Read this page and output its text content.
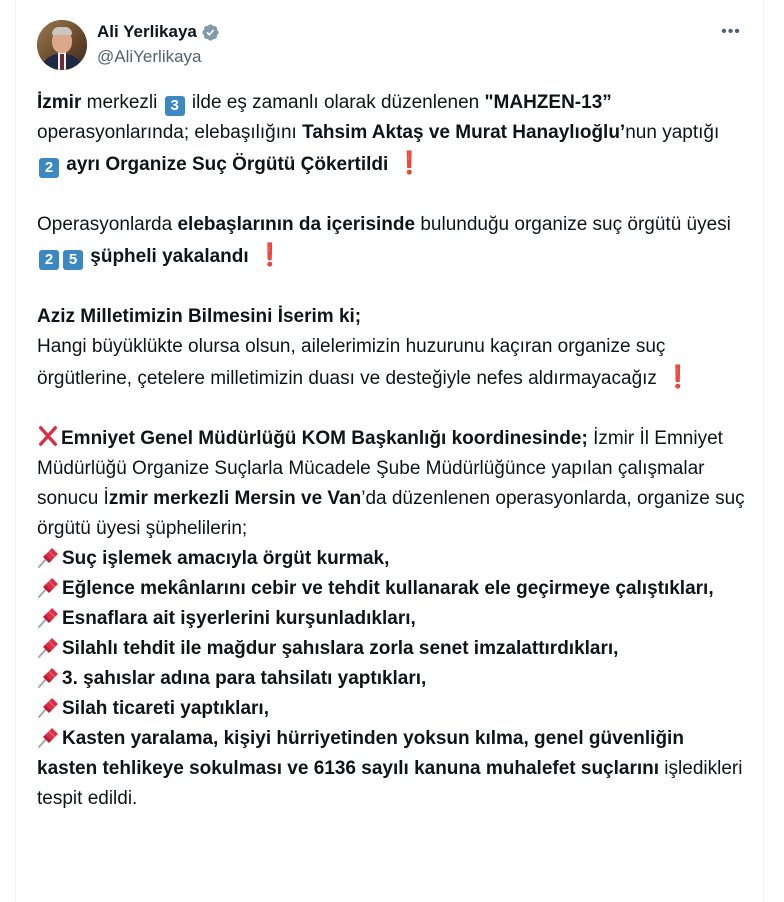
Ali Yerlikaya
@AliYerlikaya
•••

İzmir merkezli 3 ilde eş zamanlı olarak düzenlenen "MAHZEN-13” operasyonlarında; elebaşılığını Tahsim Aktaş ve Murat Hanaylıoğlu’nun yaptığı

2 ayrı Organize Suç Örgütü Çökertildi ❗

Operasyonlarda elebaşlarının da içerisinde bulunduğu organize suç örgütü üyesi 2 5 şüpheli yakalandı ❗

Aziz Milletimizin Bilmesini İserim ki;
Hangi büyüklükte olursa olsun, ailelerimizin huzurunu kaçıran organize suç örgütlerine, çetelere milletimizin duası ve desteğiyle nefes aldırmayacağız ❗

Emniyet Genel Müdürlüğü KOM Başkanlığı koordinesinde; İzmir İl Emniyet Müdürlüğü Organize Suçlarla Mücadele Şube Müdürlüğünce yapılan çalışmalar sonucu İzmir merkezli Mersin ve Van’da düzenlenen operasyonlarda, organize suç örgütü üyesi şüphelilerin;

Suç işlemek amacıyla örgüt kurmak,

Eğlence mekânlarını cebir ve tehdit kullanarak ele geçirmeye çalıştıkları,

Esnaflara ait işyerlerini kurşunladıkları,

Silahlı tehdit ile mağdur şahıslara zorla senet imzalattırdıkları,

3. şahıslar adına para tahsilatı yaptıkları,

Silah ticareti yaptıkları,

Kasten yaralama, kişiyi hürriyetinden yoksun kılma, genel güvenliğin kasten tehlikeye sokulması ve 6136 sayılı kanuna muhalefet suçlarını işledikleri tespit edildi.
